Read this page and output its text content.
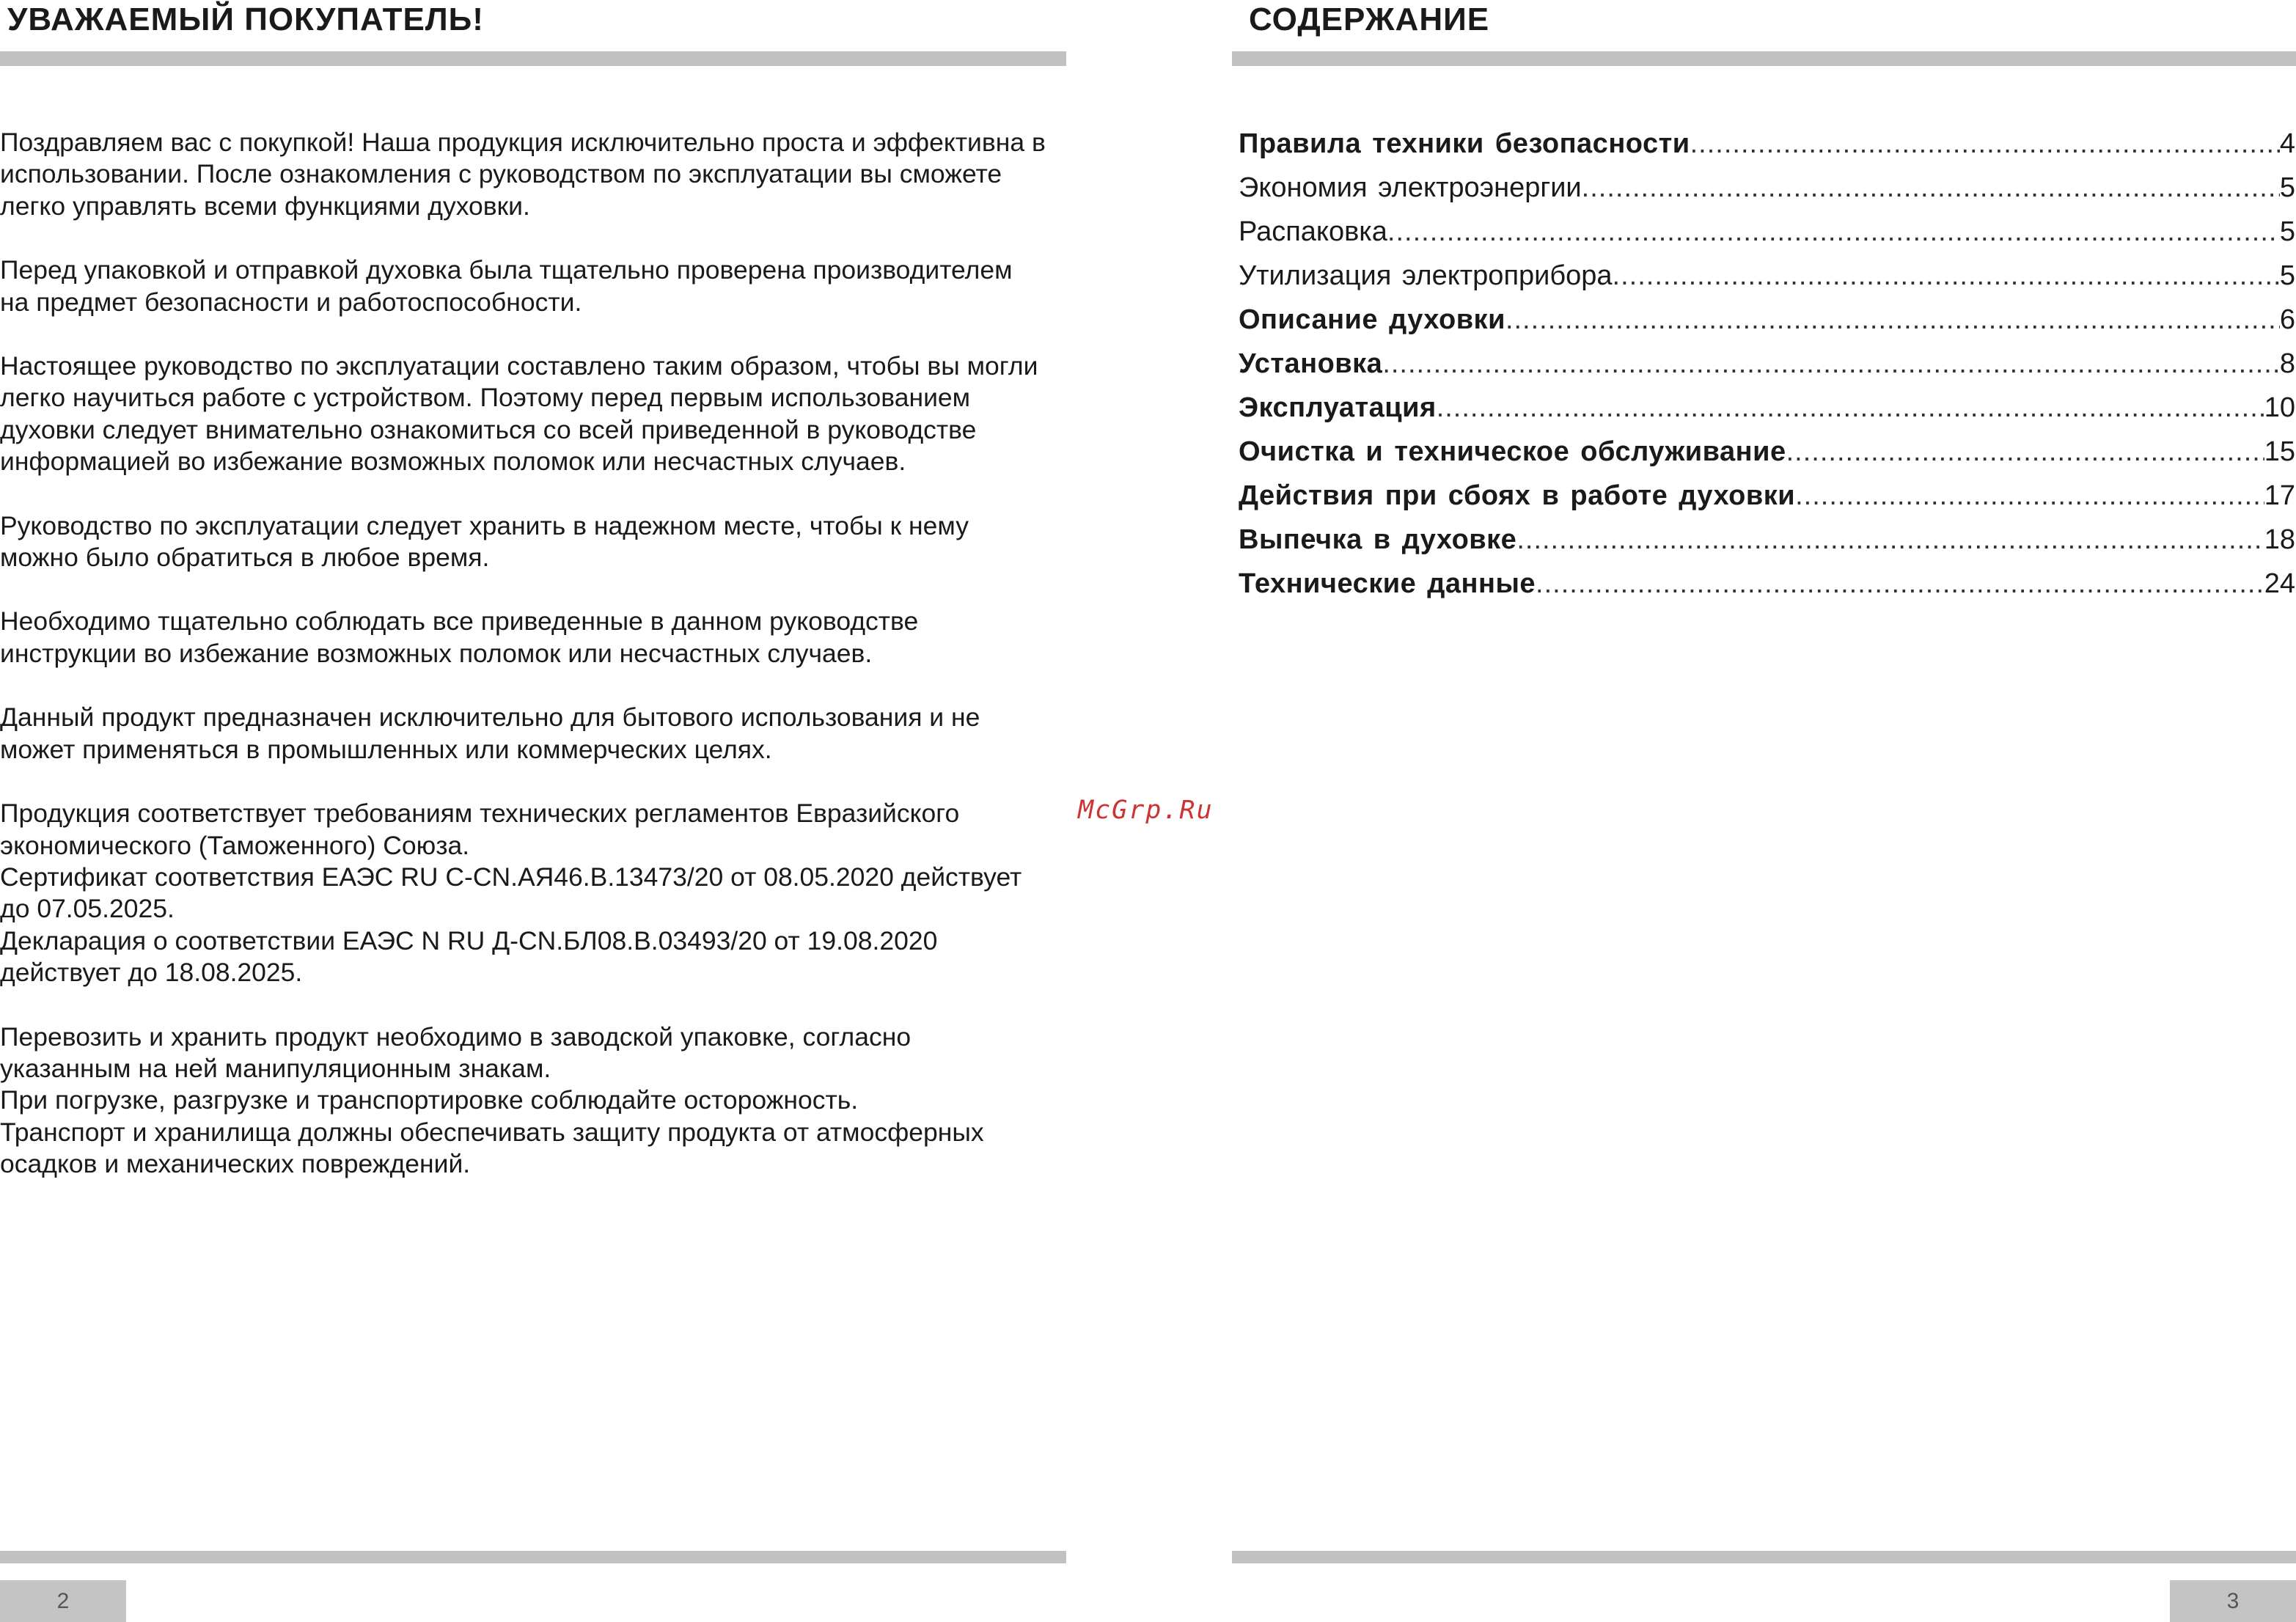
УВАЖАЕМЫЙ ПОКУПАТЕЛЬ!

Поздравляем вас с покупкой! Наша продукция исключительно проста и эффективна в
использовании. После ознакомления с руководством по эксплуатации вы сможете
легко управлять всеми функциями духовки.

Перед упаковкой и отправкой духовка была тщательно проверена производителем
на предмет безопасности и работоспособности.

Настоящее руководство по эксплуатации составлено таким образом, чтобы вы могли
легко научиться работе с устройством. Поэтому перед первым использованием
духовки следует внимательно ознакомиться со всей приведенной в руководстве
информацией во избежание возможных поломок или несчастных случаев.

Руководство по эксплуатации следует хранить в надежном месте, чтобы к нему
можно было обратиться в любое время.

Необходимо тщательно соблюдать все приведенные в данном руководстве
инструкции во избежание возможных поломок или несчастных случаев.

Данный продукт предназначен исключительно для бытового использования и не
может применяться в промышленных или коммерческих целях.

Продукция соответствует требованиям технических регламентов Евразийского
экономического (Таможенного) Союза.
Сертификат соответствия ЕАЭС RU С-CN.АЯ46.В.13473/20 от 08.05.2020 действует
до 07.05.2025.
Декларация о соответствии ЕАЭС N RU Д-CN.БЛ08.В.03493/20 от 19.08.2020
действует до 18.08.2025.

Перевозить и хранить продукт необходимо в заводской упаковке, согласно
указанным на ней манипуляционным знакам.
При погрузке, разгрузке и транспортировке соблюдайте осторожность.
Транспорт и хранилища должны обеспечивать защиту продукта от атмосферных
осадков и механических повреждений.

2
СОДЕРЖАНИЕ
Правила техники безопасности .....	4
Экономия электроэнергии .....	5
Распаковка .....	5
Утилизация электроприбора .....	5
Описание духовки .....	6
Установка .....	8
Эксплуатация .....	10
Очистка и техническое обслуживание .....	15
Действия при сбоях в работе духовки .....	17
Выпечка в духовке .....	18
Технические данные .....	24
3
McGrp.Ru
